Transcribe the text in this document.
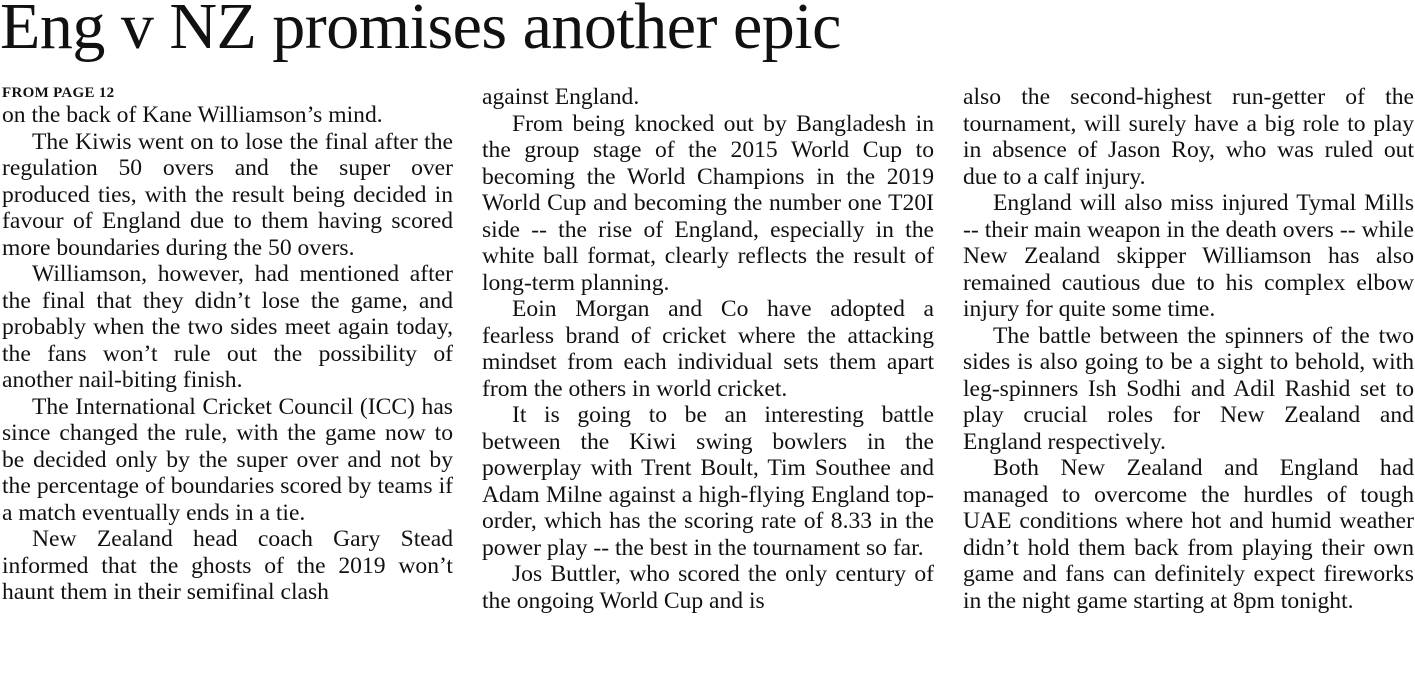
Eng v NZ promises another epic
FROM PAGE 12

on the back of Kane Williamson’s mind.

The Kiwis went on to lose the final after the regulation 50 overs and the super over produced ties, with the result being decided in favour of England due to them having scored more boundaries during the 50 overs.

Williamson, however, had mentioned after the final that they didn’t lose the game, and probably when the two sides meet again today, the fans won’t rule out the possibility of another nail-biting finish.

The International Cricket Council (ICC) has since changed the rule, with the game now to be decided only by the super over and not by the percentage of boundaries scored by teams if a match eventually ends in a tie.

New Zealand head coach Gary Stead informed that the ghosts of the 2019 won’t haunt them in their semifinal clash

against England.

From being knocked out by Bangladesh in the group stage of the 2015 World Cup to becoming the World Champions in the 2019 World Cup and becoming the number one T20I side -- the rise of England, especially in the white ball format, clearly reflects the result of long-term planning.

Eoin Morgan and Co have adopted a fearless brand of cricket where the attacking mindset from each individual sets them apart from the others in world cricket.

It is going to be an interesting battle between the Kiwi swing bowlers in the powerplay with Trent Boult, Tim Southee and Adam Milne against a high-flying England top-order, which has the scoring rate of 8.33 in the power play -- the best in the tournament so far.

Jos Buttler, who scored the only century of the ongoing World Cup and is

also the second-highest run-getter of the tournament, will surely have a big role to play in absence of Jason Roy, who was ruled out due to a calf injury.

England will also miss injured Tymal Mills -- their main weapon in the death overs -- while New Zealand skipper Williamson has also remained cautious due to his complex elbow injury for quite some time.

The battle between the spinners of the two sides is also going to be a sight to behold, with leg-spinners Ish Sodhi and Adil Rashid set to play crucial roles for New Zealand and England respectively.

Both New Zealand and England had managed to overcome the hurdles of tough UAE conditions where hot and humid weather didn’t hold them back from playing their own game and fans can definitely expect fireworks in the night game starting at 8pm tonight.
